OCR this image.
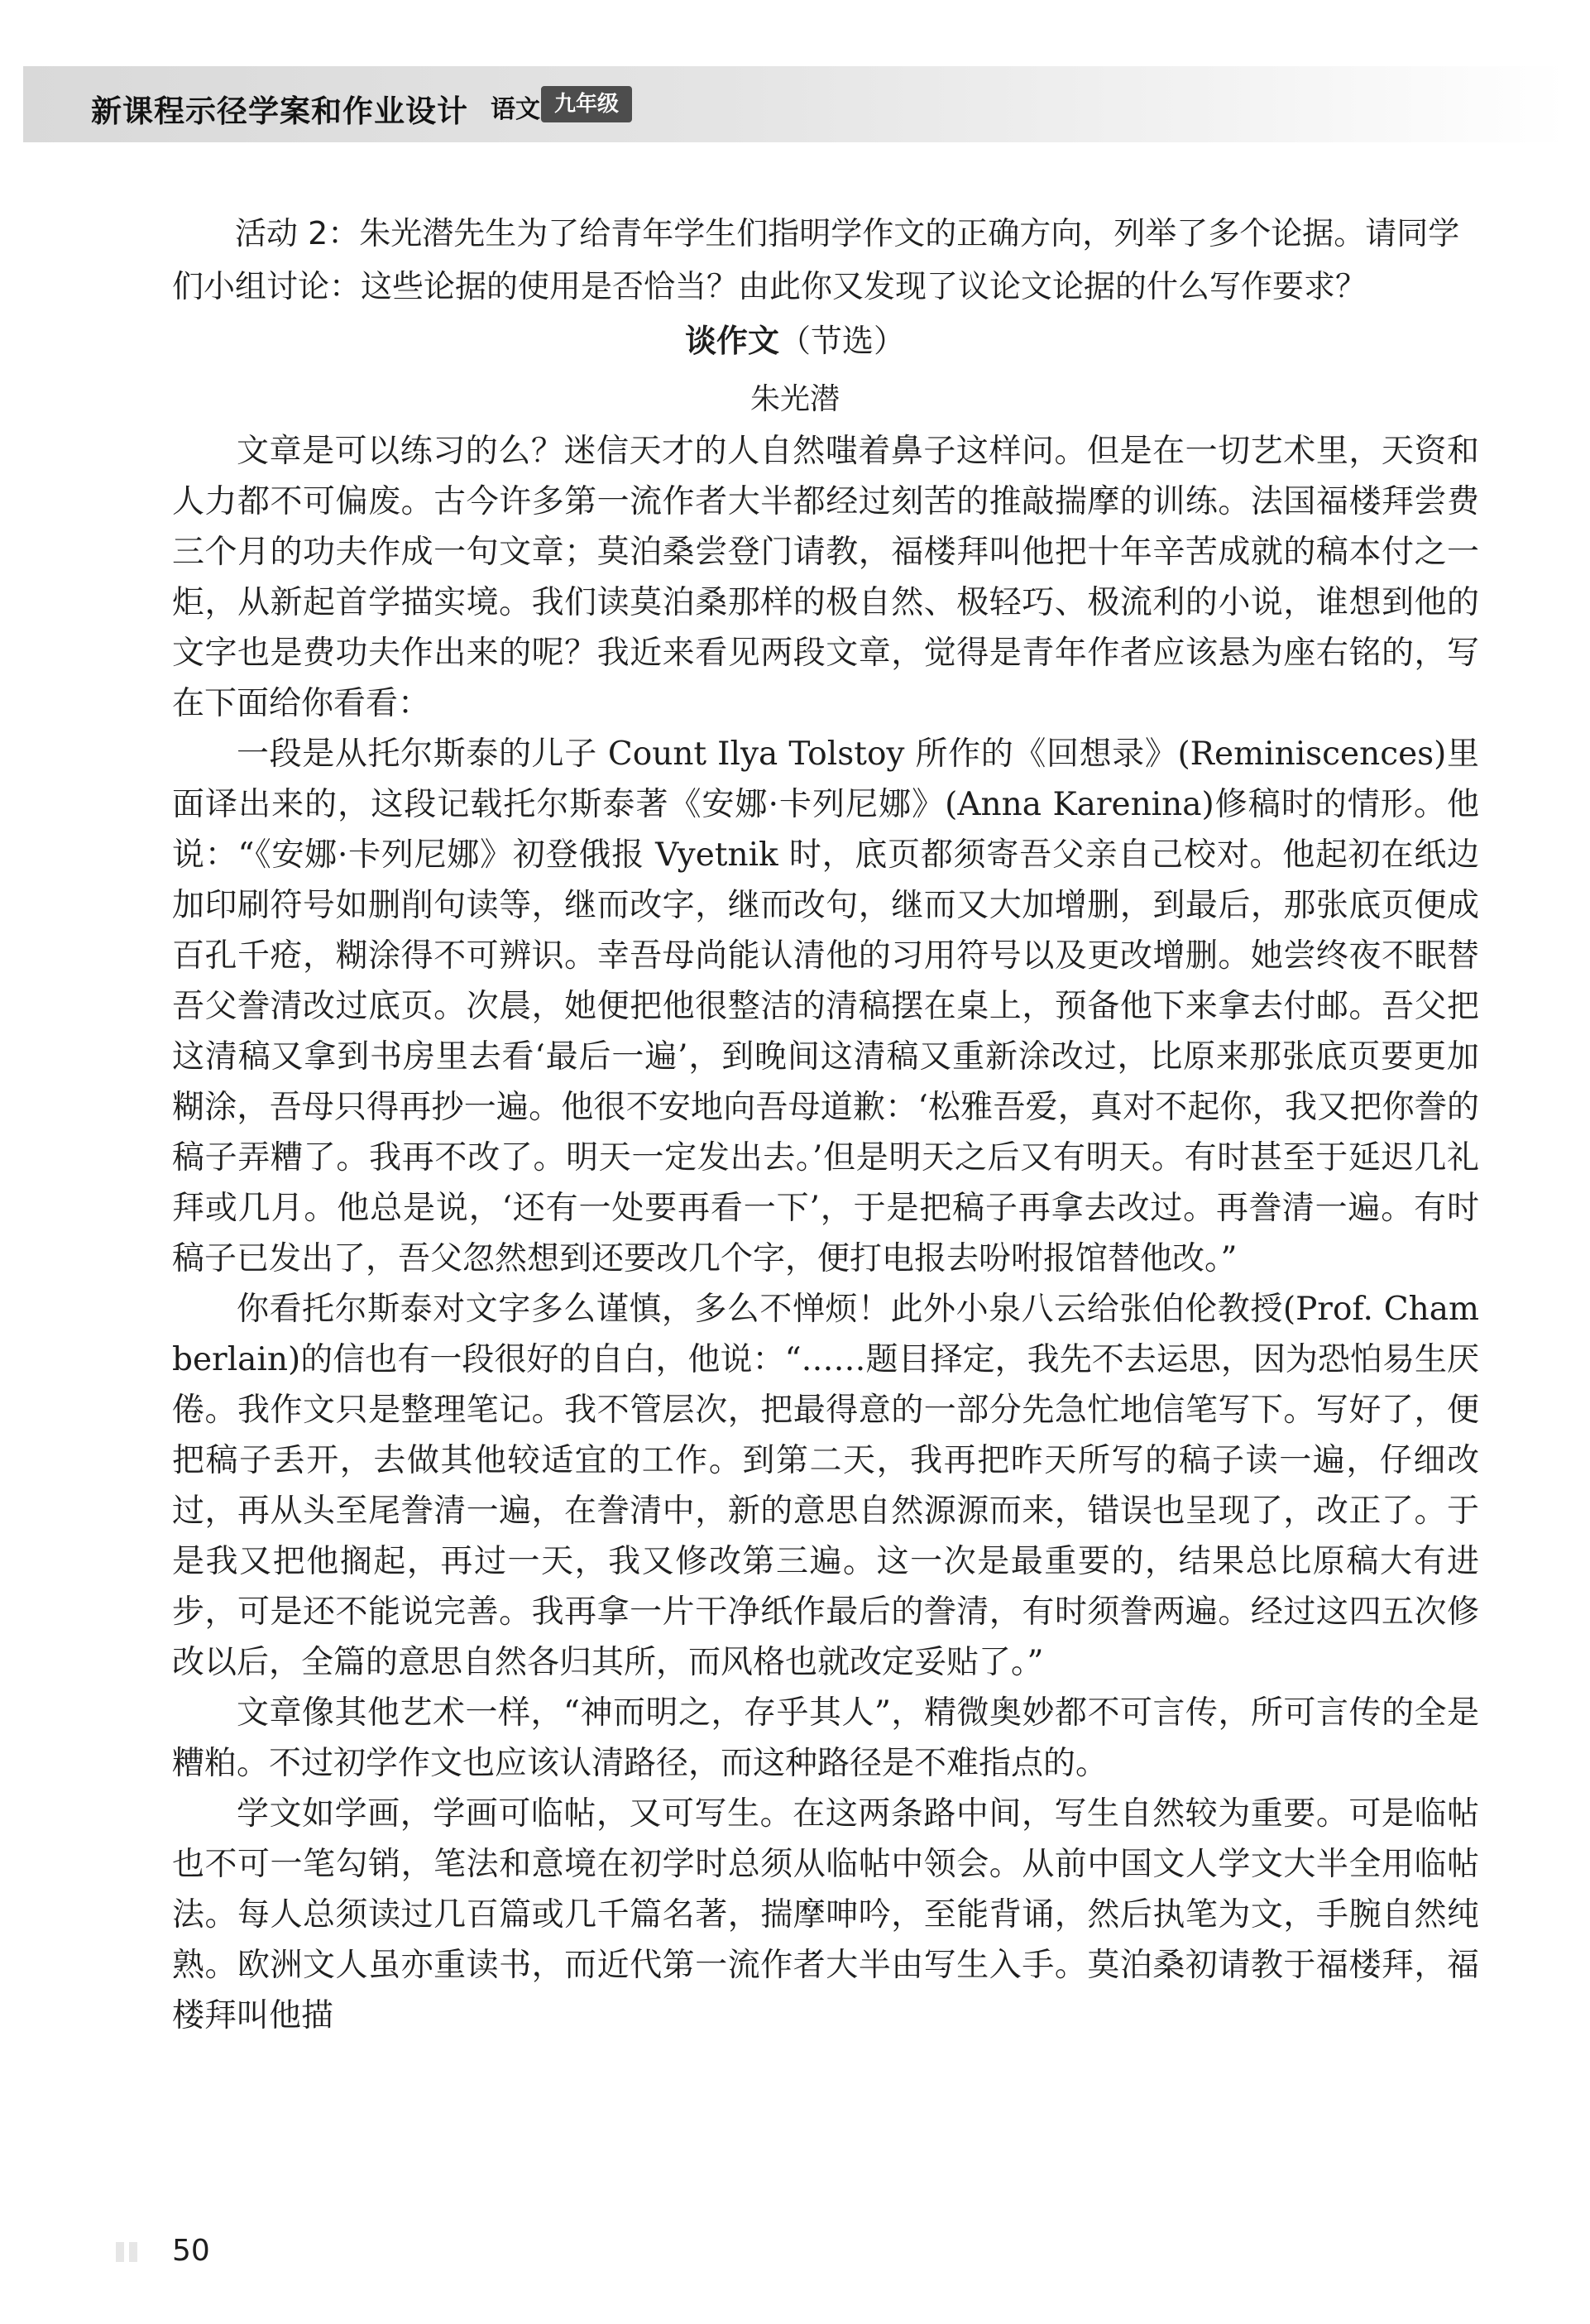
新课程示径学案和作业设计 语文 九年级
活动 2：朱光潜先生为了给青年学生们指明学作文的正确方向，列举了多个论据。请同学们小组讨论：这些论据的使用是否恰当？由此你又发现了议论文论据的什么写作要求？
谈作文（节选）
朱光潜

文章是可以练习的么？迷信天才的人自然嗤着鼻子这样问。但是在一切艺术里，天资和人力都不可偏废。古今许多第一流作者大半都经过刻苦的推敲揣摩的训练。法国福楼拜尝费三个月的功夫作成一句文章；莫泊桑尝登门请教，福楼拜叫他把十年辛苦成就的稿本付之一炬，从新起首学描实境。我们读莫泊桑那样的极自然、极轻巧、极流利的小说，谁想到他的文字也是费功夫作出来的呢？我近来看见两段文章，觉得是青年作者应该悬为座右铭的，写在下面给你看看：

一段是从托尔斯泰的儿子 Count Ilya Tolstoy 所作的《回想录》(Reminiscences)里面译出来的，这段记载托尔斯泰著《安娜·卡列尼娜》(Anna Karenina)修稿时的情形。他说：“《安娜·卡列尼娜》初登俄报 Vyetnik 时，底页都须寄吾父亲自己校对。他起初在纸边加印刷符号如删削句读等，继而改字，继而改句，继而又大加增删，到最后，那张底页便成百孔千疮，糊涂得不可辨识。幸吾母尚能认清他的习用符号以及更改增删。她尝终夜不眠替吾父誊清改过底页。次晨，她便把他很整洁的清稿摆在桌上，预备他下来拿去付邮。吾父把这清稿又拿到书房里去看‘最后一遍’，到晚间这清稿又重新涂改过，比原来那张底页要更加糊涂，吾母只得再抄一遍。他很不安地向吾母道歉：‘松雅吾爱，真对不起你，我又把你誊的稿子弄糟了。我再不改了。明天一定发出去。’但是明天之后又有明天。有时甚至于延迟几礼拜或几月。他总是说，‘还有一处要再看一下’，于是把稿子再拿去改过。再誊清一遍。有时稿子已发出了，吾父忽然想到还要改几个字，便打电报去吩咐报馆替他改。”

你看托尔斯泰对文字多么谨慎，多么不惮烦！此外小泉八云给张伯伦教授(Prof. Chamberlain)的信也有一段很好的自白，他说：“……题目择定，我先不去运思，因为恐怕易生厌倦。我作文只是整理笔记。我不管层次，把最得意的一部分先急忙地信笔写下。写好了，便把稿子丢开，去做其他较适宜的工作。到第二天，我再把昨天所写的稿子读一遍，仔细改过，再从头至尾誊清一遍，在誊清中，新的意思自然源源而来，错误也呈现了，改正了。于是我又把他搁起，再过一天，我又修改第三遍。这一次是最重要的，结果总比原稿大有进步，可是还不能说完善。我再拿一片干净纸作最后的誊清，有时须誊两遍。经过这四五次修改以后，全篇的意思自然各归其所，而风格也就改定妥贴了。”

文章像其他艺术一样，“神而明之，存乎其人”，精微奥妙都不可言传，所可言传的全是糟粕。不过初学作文也应该认清路径，而这种路径是不难指点的。

学文如学画，学画可临帖，又可写生。在这两条路中间，写生自然较为重要。可是临帖也不可一笔勾销，笔法和意境在初学时总须从临帖中领会。从前中国文人学文大半全用临帖法。每人总须读过几百篇或几千篇名著，揣摩呻吟，至能背诵，然后执笔为文，手腕自然纯熟。欧洲文人虽亦重读书，而近代第一流作者大半由写生入手。莫泊桑初请教于福楼拜，福楼拜叫他描

50
